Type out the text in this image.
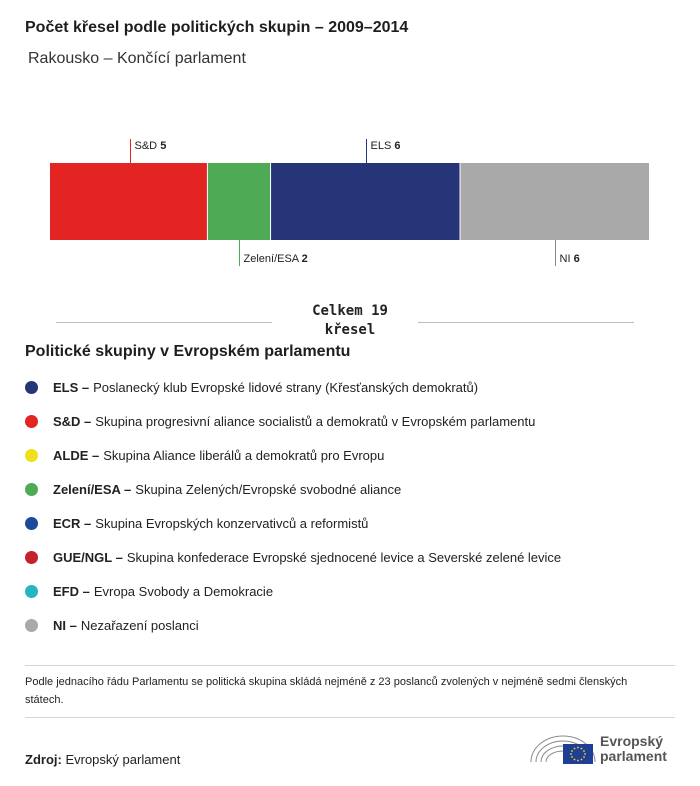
Počet křesel podle politických skupin – 2009–2014
Rakousko – Končící parlament
S&D 5
Zelení/ESA 2
ELS 6
NI 6
Celkem 19
křesel
Politické skupiny v Evropském parlamentu
ELS – Poslanecký klub Evropské lidové strany (Křesťanských demokratů)
S&D – Skupina progresivní aliance socialistů a demokratů v Evropském parlamentu
ALDE – Skupina Aliance liberálů a demokratů pro Evropu
Zelení/ESA – Skupina Zelených/Evropské svobodné aliance
ECR – Skupina Evropských konzervativců a reformistů
GUE/NGL – Skupina konfederace Evropské sjednocené levice a Severské zelené levice
EFD – Evropa Svobody a Demokracie
NI – Nezařazení poslanci
Podle jednacího řádu Parlamentu se politická skupina skládá nejméně z 23 poslanců zvolených v nejméně sedmi členských státech.
Zdroj: Evropský parlament
Evropský
parlament
